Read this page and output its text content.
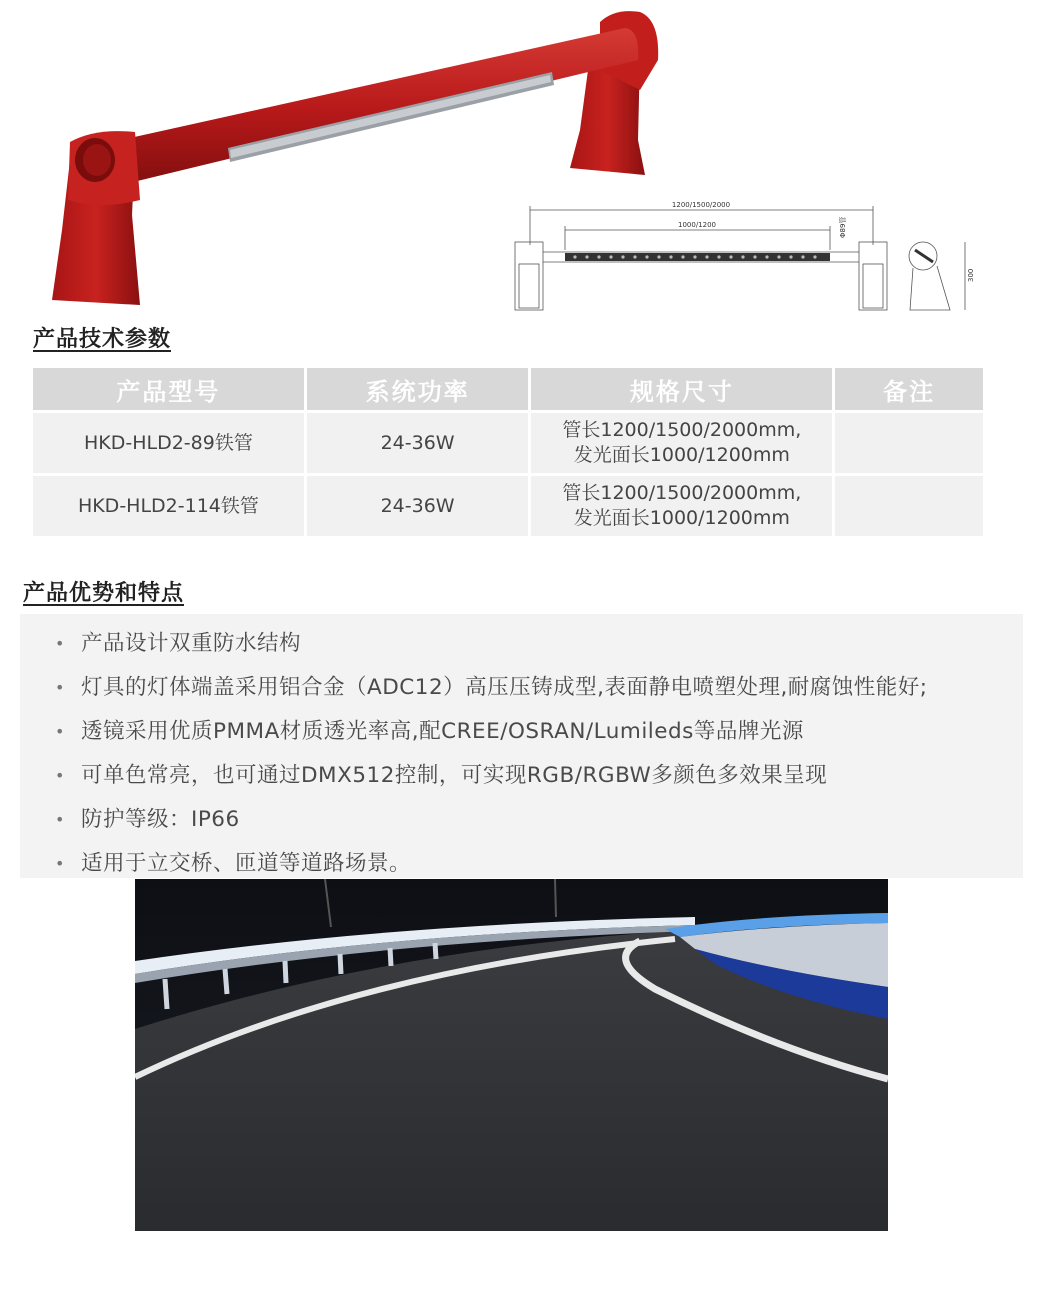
1200/1500/2000
1000/1200	Φ89管
300
产品技术参数
产品型号	系统功率	规格尺寸	备注
HKD-HLD2-89铁管	24-36W	管长1200/1500/2000mm,
发光面长1000/1200mm	

HKD-HLD2-114铁管	24-36W	管长1200/1500/2000mm,
发光面长1000/1200mm	

产品优势和特点
• 产品设计双重防水结构
• 灯具的灯体端盖采用铝合金（ADC12）高压压铸成型,表面静电喷塑处理,耐腐蚀性能好;
• 透镜采用优质PMMA材质透光率高,配CREE/OSRAN/Lumileds等品牌光源
• 可单色常亮，也可通过DMX512控制，可实现RGB/RGBW多颜色多效果呈现
• 防护等级：IP66
• 适用于立交桥、匝道等道路场景。
